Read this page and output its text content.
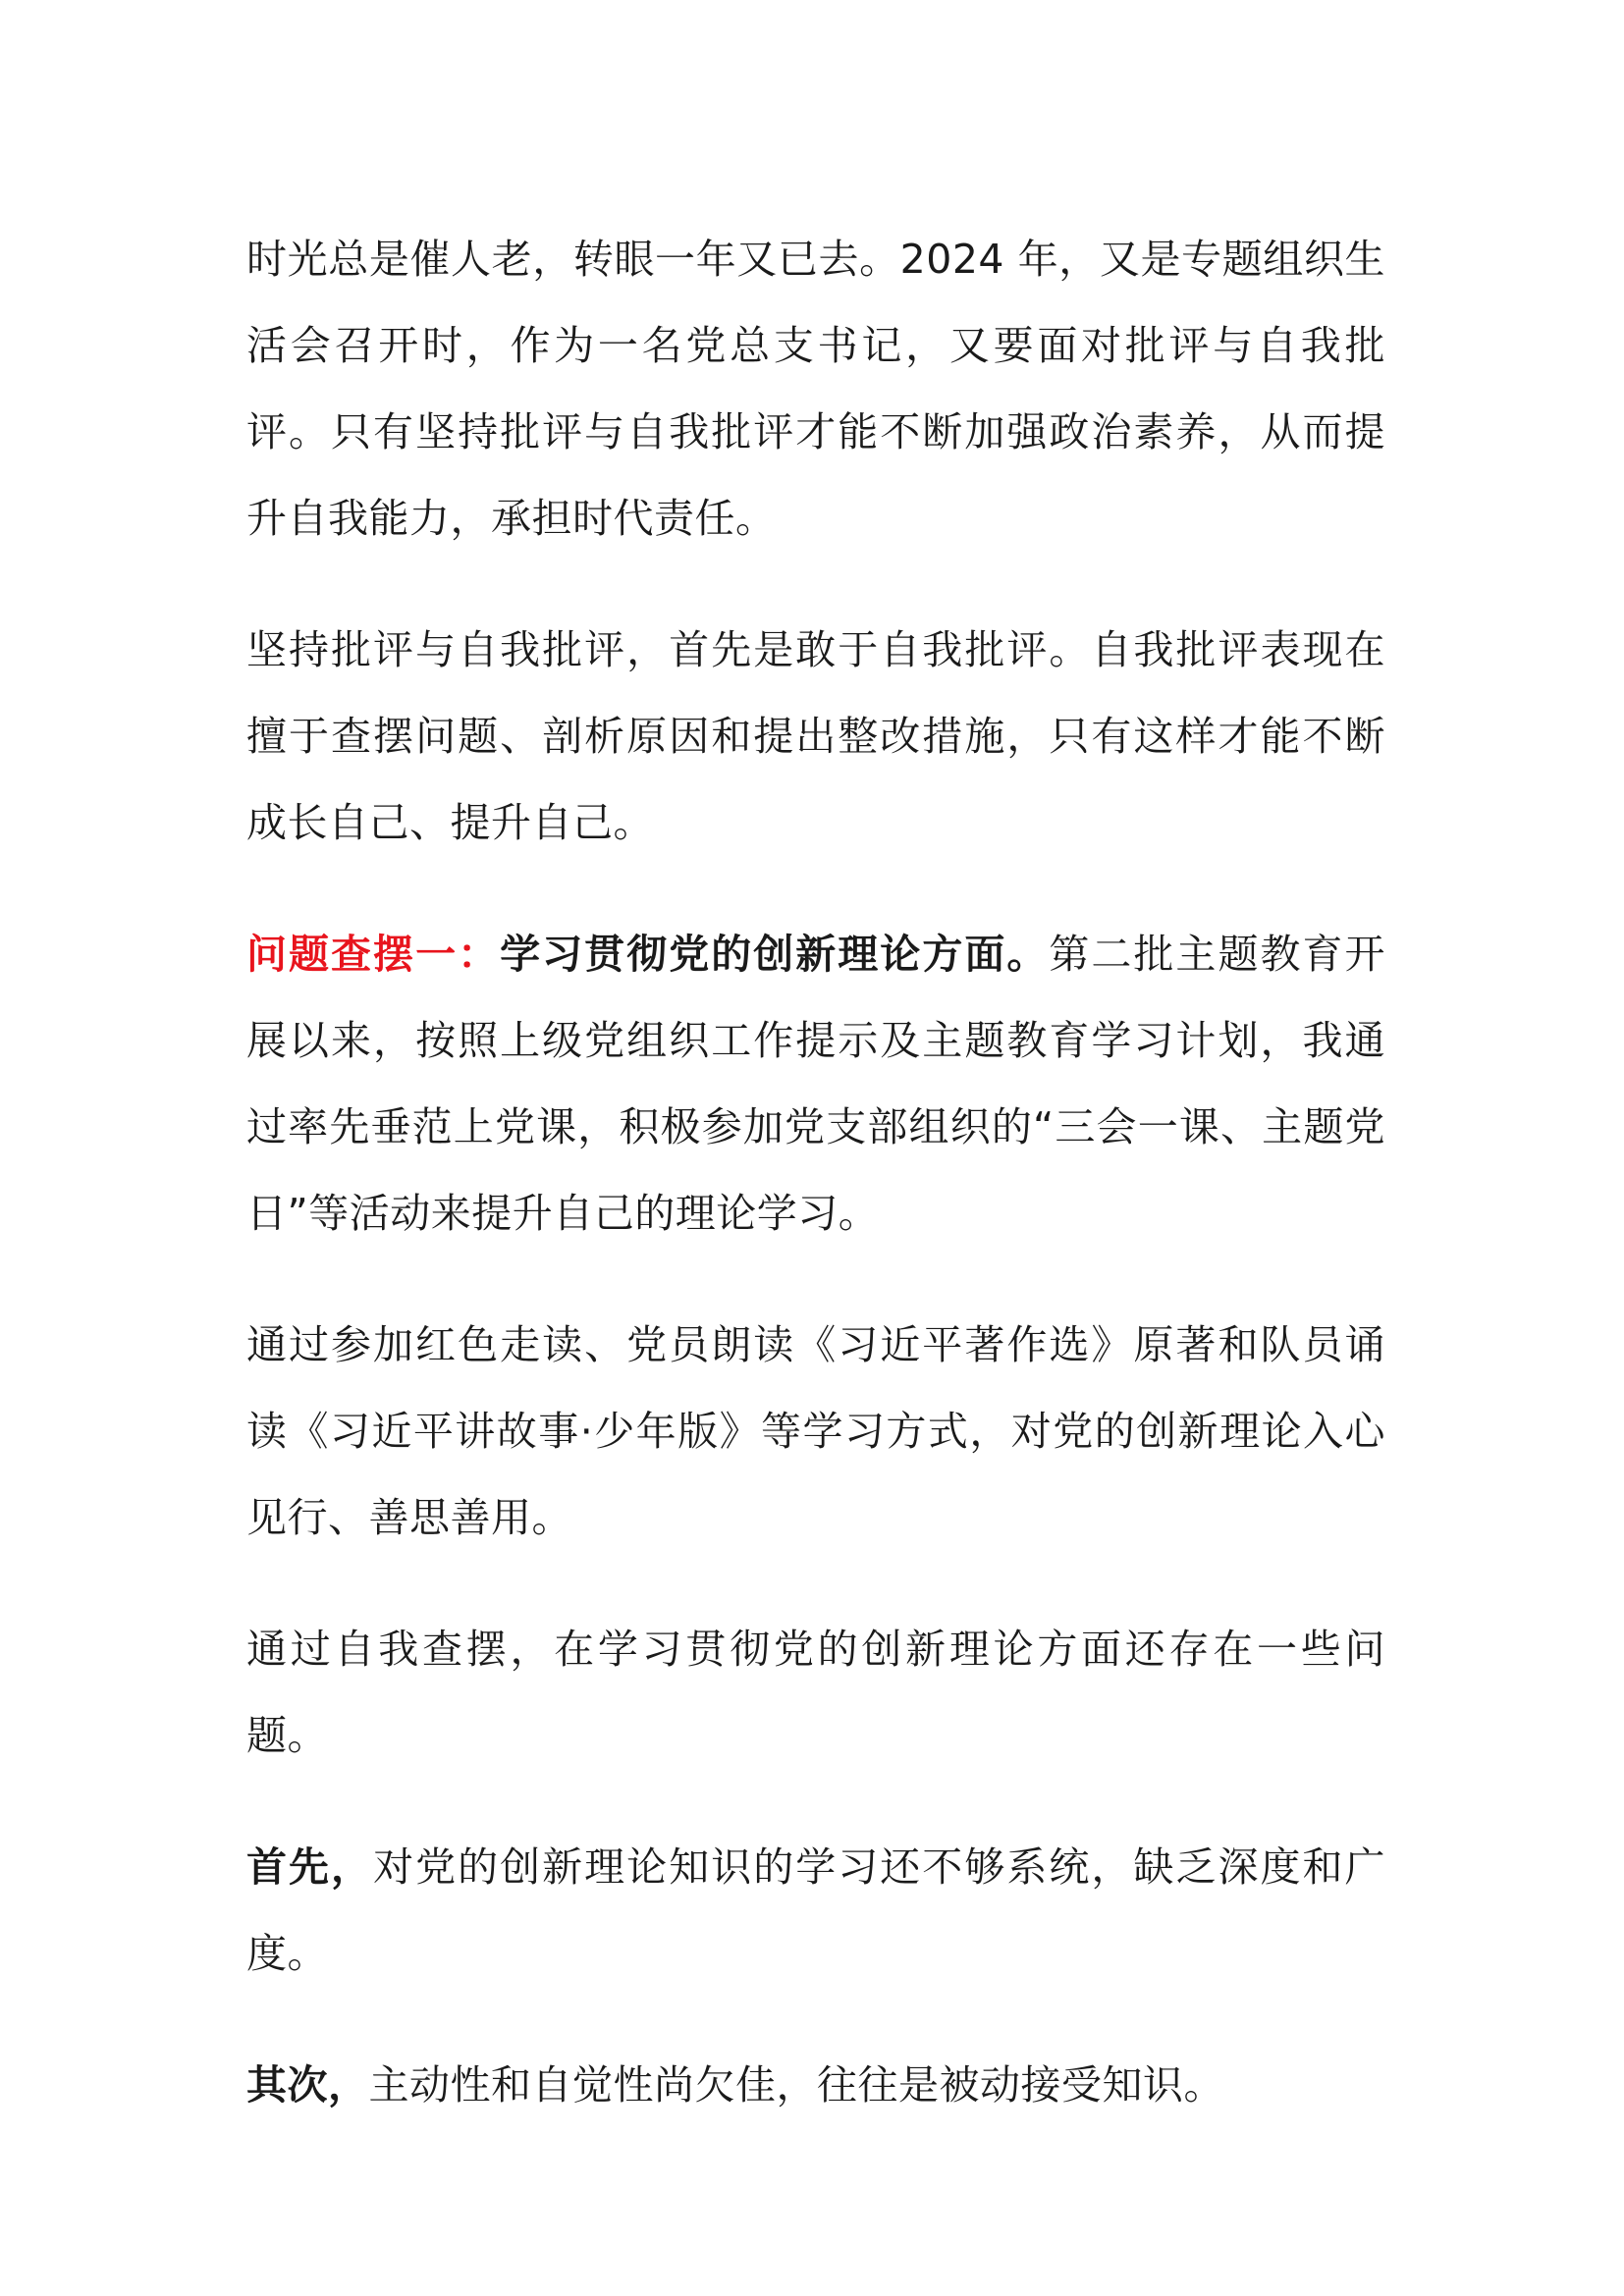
时光总是催人老，转眼一年又已去。2024 年，又是专题组织生活会召开时，作为一名党总支书记，又要面对批评与自我批评。只有坚持批评与自我批评才能不断加强政治素养，从而提升自我能力，承担时代责任。

坚持批评与自我批评，首先是敢于自我批评。自我批评表现在擅于查摆问题、剖析原因和提出整改措施，只有这样才能不断成长自己、提升自己。

问题查摆一：学习贯彻党的创新理论方面。第二批主题教育开展以来，按照上级党组织工作提示及主题教育学习计划，我通过率先垂范上党课，积极参加党支部组织的“三会一课、主题党日”等活动来提升自己的理论学习。

通过参加红色走读、党员朗读《习近平著作选》原著和队员诵读《习近平讲故事·少年版》等学习方式，对党的创新理论入心见行、善思善用。

通过自我查摆，在学习贯彻党的创新理论方面还存在一些问题。

首先，对党的创新理论知识的学习还不够系统，缺乏深度和广度。

其次，主动性和自觉性尚欠佳，往往是被动接受知识。
